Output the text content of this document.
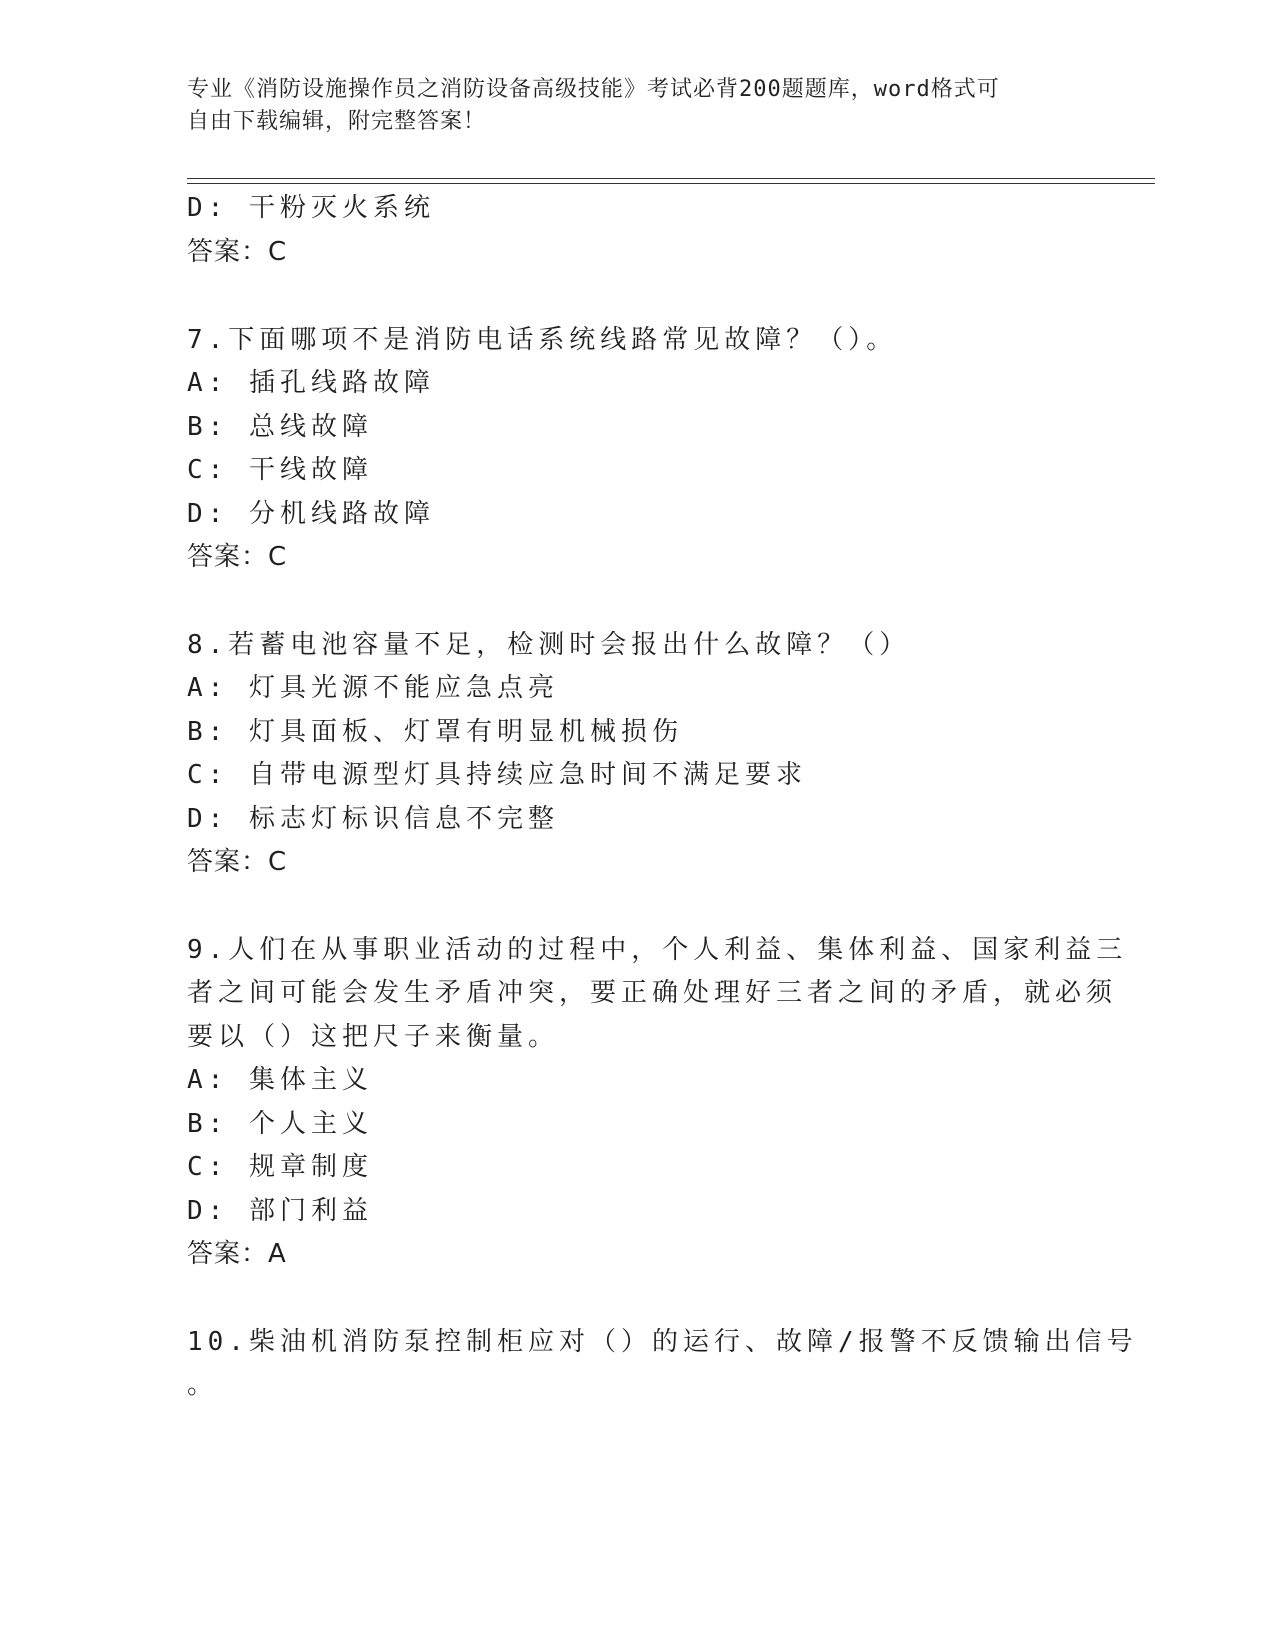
专业《消防设施操作员之消防设备高级技能》考试必背200题题库，word格式可
自由下载编辑，附完整答案！
D: 干粉灭火系统
答案：C
7.下面哪项不是消防电话系统线路常见故障？（）。
A: 插孔线路故障
B: 总线故障
C: 干线故障
D: 分机线路故障
答案：C
8.若蓄电池容量不足，检测时会报出什么故障？（）
A: 灯具光源不能应急点亮
B: 灯具面板、灯罩有明显机械损伤
C: 自带电源型灯具持续应急时间不满足要求
D: 标志灯标识信息不完整
答案：C
9.人们在从事职业活动的过程中，个人利益、集体利益、国家利益三
者之间可能会发生矛盾冲突，要正确处理好三者之间的矛盾，就必须
要以（）这把尺子来衡量。
A: 集体主义
B: 个人主义
C: 规章制度
D: 部门利益
答案：A
10.柴油机消防泵控制柜应对（）的运行、故障/报警不反馈输出信号
。
